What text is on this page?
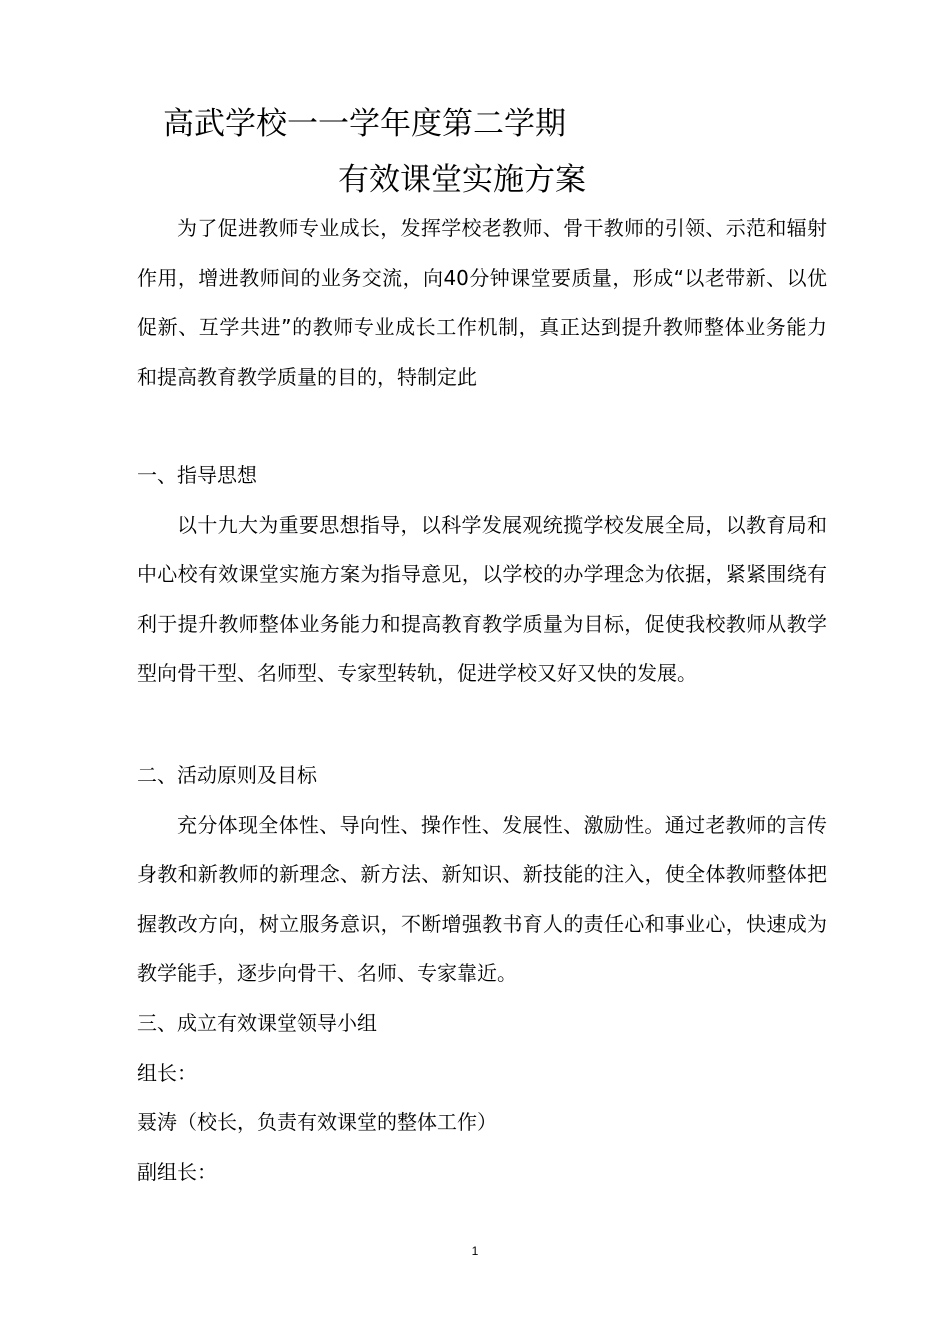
高武学校一一学年度第二学期
有效课堂实施方案

为了促进教师专业成长，发挥学校老教师、骨干教师的引领、示范和辐射作用，增进教师间的业务交流，向40分钟课堂要质量，形成“以老带新、以优促新、互学共进”的教师专业成长工作机制，真正达到提升教师整体业务能力和提高教育教学质量的目的，特制定此

一、指导思想

以十九大为重要思想指导，以科学发展观统揽学校发展全局，以教育局和中心校有效课堂实施方案为指导意见，以学校的办学理念为依据，紧紧围绕有利于提升教师整体业务能力和提高教育教学质量为目标，促使我校教师从教学型向骨干型、名师型、专家型转轨，促进学校又好又快的发展。

二、活动原则及目标

充分体现全体性、导向性、操作性、发展性、激励性。通过老教师的言传身教和新教师的新理念、新方法、新知识、新技能的注入，使全体教师整体把握教改方向，树立服务意识，不断增强教书育人的责任心和事业心，快速成为教学能手，逐步向骨干、名师、专家靠近。

三、成立有效课堂领导小组

组长：

聂涛（校长，负责有效课堂的整体工作）

副组长：

1
